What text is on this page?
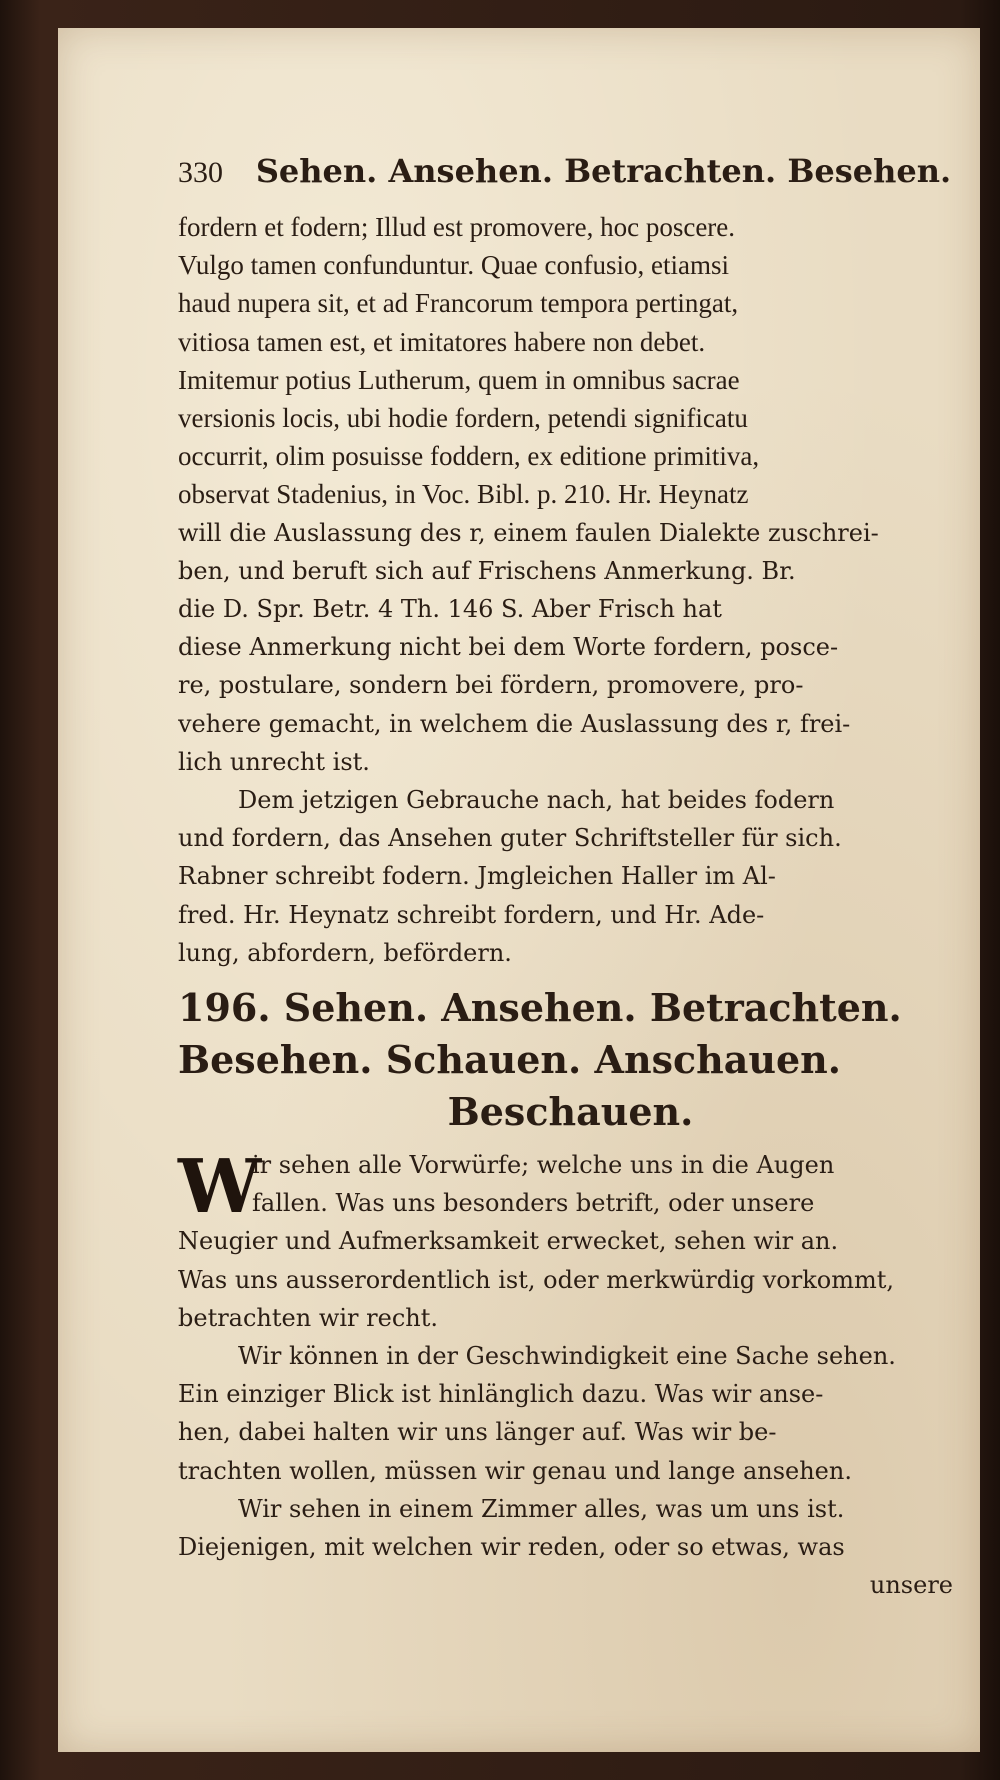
330 Sehen. Ansehen. Betrachten. Besehen.

fordern et fodern; Illud est promovere, hoc poscere.
Vulgo tamen confunduntur. Quae confusio, etiamsi
haud nupera sit, et ad Francorum tempora pertingat,
vitiosa tamen est, et imitatores habere non debet.
Imitemur potius Lutherum, quem in omnibus sacrae
versionis locis, ubi hodie fordern, petendi significatu
occurrit, olim posuisse foddern, ex editione primitiva,
observat Stadenius, in Voc. Bibl. p. 210. Hr. Heynatz

will die Auslassung des r, einem faulen Dialekte zuschrei-
ben, und beruft sich auf Frischens Anmerkung. Br.
die D. Spr. Betr. 4 Th. 146 S. Aber Frisch hat
diese Anmerkung nicht bei dem Worte fordern, posce-
re, postulare, sondern bei fördern, promovere, pro-
vehere gemacht, in welchem die Auslassung des r, frei-
lich unrecht ist.

Dem jetzigen Gebrauche nach, hat beides fodern
und fordern, das Ansehen guter Schriftsteller für sich.
Rabner schreibt fodern. Jmgleichen Haller im Al-
fred. Hr. Heynatz schreibt fordern, und Hr. Ade-
lung, abfordern, befördern.

196. Sehen. Ansehen. Betrachten.
Besehen. Schauen. Anschauen.
Beschauen.
W

ir sehen alle Vorwürfe; welche uns in die Augen
fallen. Was uns besonders betrift, oder unsere
Neugier und Aufmerksamkeit erwecket, sehen wir an.
Was uns ausserordentlich ist, oder merkwürdig vorkommt,
betrachten wir recht.

Wir können in der Geschwindigkeit eine Sache sehen.
Ein einziger Blick ist hinlänglich dazu. Was wir anse-
hen, dabei halten wir uns länger auf. Was wir be-
trachten wollen, müssen wir genau und lange ansehen.

Wir sehen in einem Zimmer alles, was um uns ist.
Diejenigen, mit welchen wir reden, oder so etwas, was
unsere
